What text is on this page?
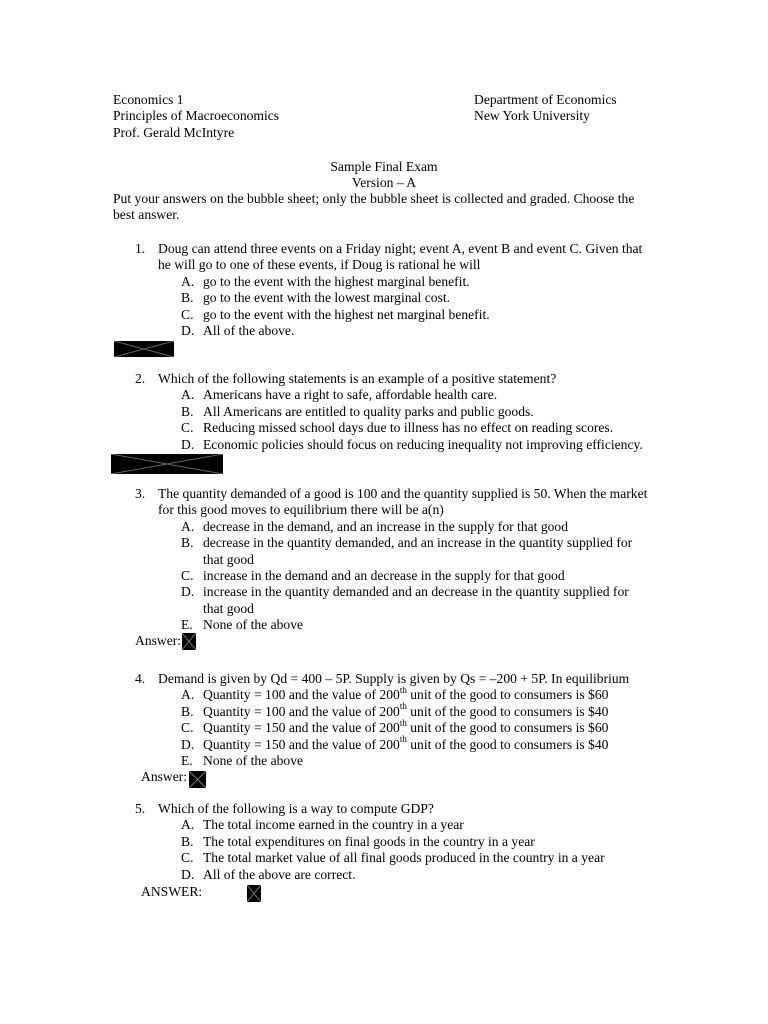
Economics 1
Principles of Macroeconomics
Prof. Gerald McIntyre
Department of Economics
New York University
Sample Final Exam
Version – A
Put your answers on the bubble sheet; only the bubble sheet is collected and graded. Choose the best answer.
1. Doug can attend three events on a Friday night; event A, event B and event C. Given that he will go to one of these events, if Doug is rational he will
A. go to the event with the highest marginal benefit.
B. go to the event with the lowest marginal cost.
C. go to the event with the highest net marginal benefit.
D. All of the above.
2. Which of the following statements is an example of a positive statement?
A. Americans have a right to safe, affordable health care.
B. All Americans are entitled to quality parks and public goods.
C. Reducing missed school days due to illness has no effect on reading scores.
D. Economic policies should focus on reducing inequality not improving efficiency.
3. The quantity demanded of a good is 100 and the quantity supplied is 50. When the market for this good moves to equilibrium there will be a(n)
A. decrease in the demand, and an increase in the supply for that good
B. decrease in the quantity demanded, and an increase in the quantity supplied for that good
C. increase in the demand and an decrease in the supply for that good
D. increase in the quantity demanded and an decrease in the quantity supplied for that good
E. None of the above
Answer:
4. Demand is given by Qd = 400 – 5P. Supply is given by Qs = –200 + 5P. In equilibrium
A. Quantity = 100 and the value of 200th unit of the good to consumers is $60
B. Quantity = 100 and the value of 200th unit of the good to consumers is $40
C. Quantity = 150 and the value of 200th unit of the good to consumers is $60
D. Quantity = 150 and the value of 200th unit of the good to consumers is $40
E. None of the above
Answer:
5. Which of the following is a way to compute GDP?
A. The total income earned in the country in a year
B. The total expenditures on final goods in the country in a year
C. The total market value of all final goods produced in the country in a year
D. All of the above are correct.
ANSWER:
